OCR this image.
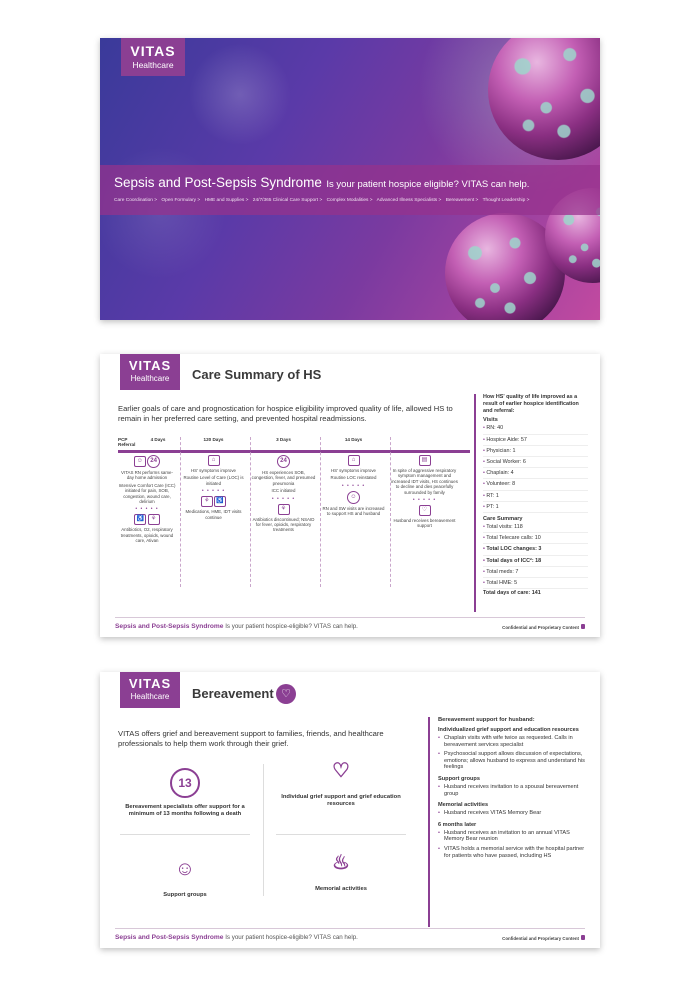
VITAS
Healthcare
Sepsis and Post-Sepsis Syndrome Is your patient hospice eligible? VITAS can help.
Care Coordination > Open Formulary > HME and Supplies > 24/7/365 Clinical Care Support > Complex Modalities > Advanced Illness Specialists > Bereavement > Thought Leadership >
VITAS
Healthcare	Care Summary of HS
Earlier goals of care and prognostication for hospice eligibility improved quality of life, allowed HS to remain in her preferred care setting, and prevented hospital readmissions.
PCP Referral
4 Days
☺ 24
VITAS RN performs same-day home admission
Intensive Comfort Care (ICC) initiated for pain, SOB, congestion, wound care, delirium
• • • • •
♿ ⚘
Antibiotics, O2, respiratory treatments, opioids, wound care, Ativan
120 Days
⌂
HS' symptoms improve
Routine Level of Care (LOC) is initiated
• • • • •
⚘ ♿
Medications, HME, IDT visits continue
3 Days
24
HS experiences SOB, congestion, fever, and presumed pneumonia
ICC initiated
• • • • •
⚘
Antibiotics discontinued; NSAID for fever, opioids, respiratory treatments
14 Days
⌂
HS' symptoms improve
Routine LOC reinstated
• • • • •
☺
RN and SW visits are increased to support HS and husband
▤
In spite of aggressive respiratory symptom management and increased IDT visits, HS continues to decline and dies peacefully surrounded by family
• • • • •
♡
Husband receives bereavement support
How HS' quality of life improved as a result of earlier hospice identification and referral:
Visits
• RN: 40
• Hospice Aide: 57
• Physician: 1
• Social Worker: 6
• Chaplain: 4
• Volunteer: 8
• RT: 1
• PT: 1
Care Summary
• Total visits: 118
• Total Telecare calls: 10
• Total LOC changes: 3
• Total days of ICC²: 18
• Total meds: 7
• Total HME: 5
Total days of care: 141
Sepsis and Post-Sepsis Syndrome Is your patient hospice-eligible? VITAS can help.	Confidential and Proprietary Content
VITAS
Healthcare	Bereavement ♡
VITAS offers grief and bereavement support to families, friends, and healthcare professionals to help them work through their grief.
13
Bereavement specialists offer support for a minimum of 13 months following a death
♡
Individual grief support and grief education resources
☺
Support groups
♨
Memorial activities
Bereavement support for husband:
Individualized grief support and education resources
• Chaplain visits with wife twice as requested. Calls in bereavement services specialist
• Psychosocial support allows discussion of expectations, emotions; allows husband to express and understand his feelings
Support groups
• Husband receives invitation to a spousal bereavement group
Memorial activities
• Husband receives VITAS Memory Bear
6 months later
• Husband receives an invitation to an annual VITAS Memory Bear reunion
• VITAS holds a memorial service with the hospital partner for patients who have passed, including HS
Sepsis and Post-Sepsis Syndrome Is your patient hospice-eligible? VITAS can help.	Confidential and Proprietary Content
